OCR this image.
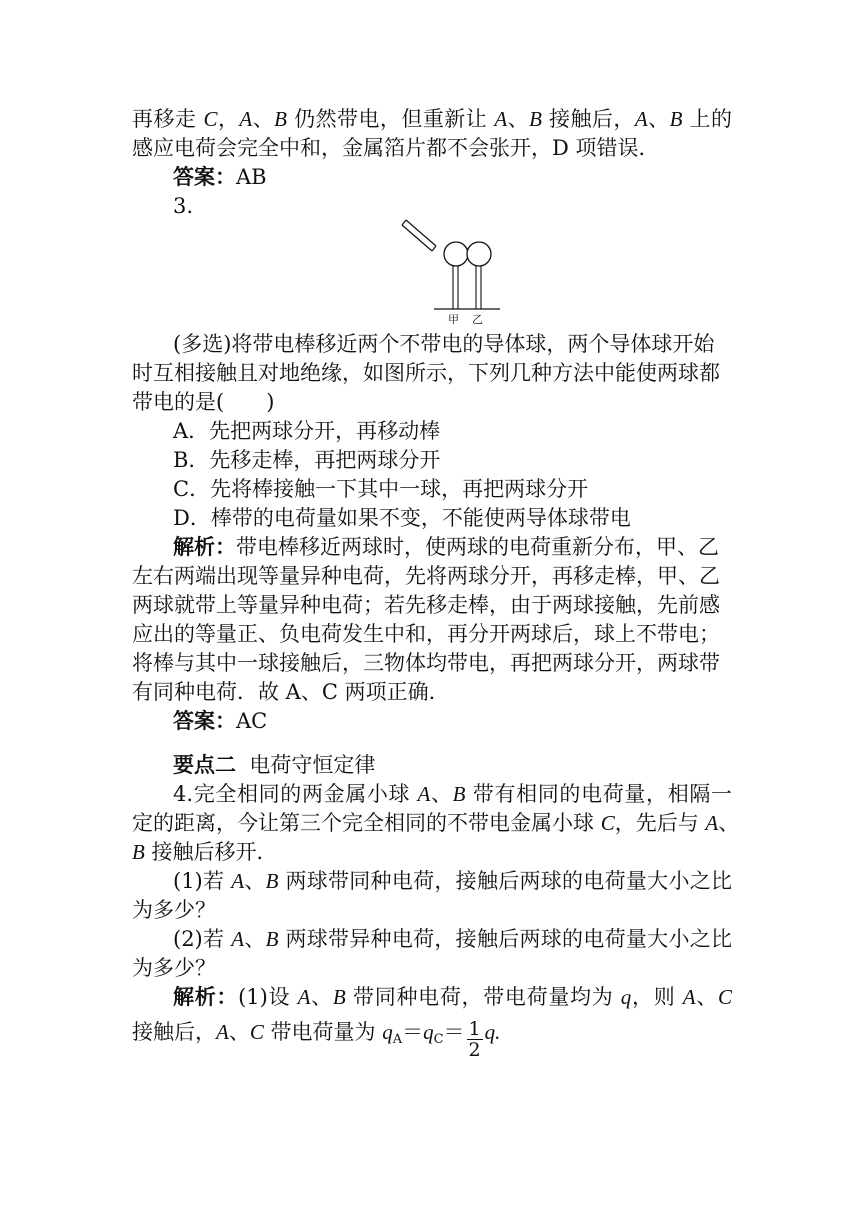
再移走 C，A、B 仍然带电，但重新让 A、B 接触后，A、B 上的
感应电荷会完全中和，金属箔片都不会张开，D 项错误．
答案：AB
3.
甲 乙
(多选)将带电棒移近两个不带电的导体球，两个导体球开始
时互相接触且对地绝缘，如图所示，下列几种方法中能使两球都
带电的是(　　)
A．先把两球分开，再移动棒
B．先移走棒，再把两球分开
C．先将棒接触一下其中一球，再把两球分开
D．棒带的电荷量如果不变，不能使两导体球带电
解析：带电棒移近两球时，使两球的电荷重新分布，甲、乙
左右两端出现等量异种电荷，先将两球分开，再移走棒，甲、乙
两球就带上等量异种电荷；若先移走棒，由于两球接触，先前感
应出的等量正、负电荷发生中和，再分开两球后，球上不带电；
将棒与其中一球接触后，三物体均带电，再把两球分开，两球带
有同种电荷．故 A、C 两项正确．
答案：AC
要点二 电荷守恒定律
4.完全相同的两金属小球 A、B 带有相同的电荷量，相隔一
定的距离，今让第三个完全相同的不带电金属小球 C，先后与 A、
B 接触后移开．
(1)若 A、B 两球带同种电荷，接触后两球的电荷量大小之比
为多少？
(2)若 A、B 两球带异种电荷，接触后两球的电荷量大小之比
为多少？
解析：(1)设 A、B 带同种电荷，带电荷量均为 q，则 A、C
接触后，A、C 带电荷量为 $q_A=q_C= \frac{1}{2} q$.
